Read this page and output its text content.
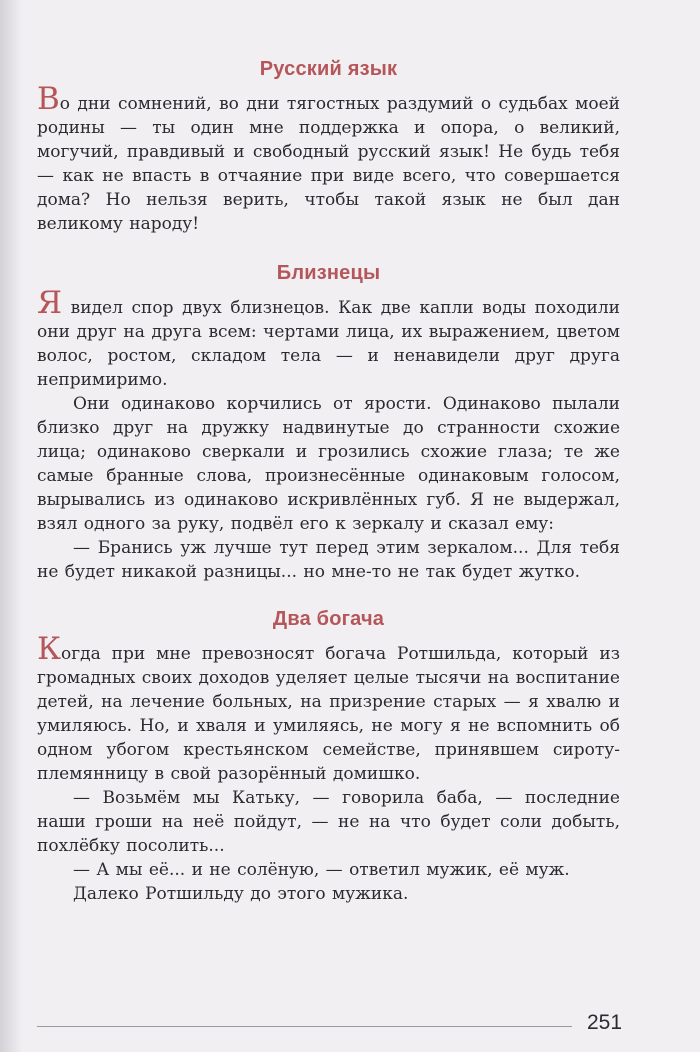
Русский язык

Во дни сомнений, во дни тягостных раздумий о судьбах моей родины — ты один мне поддержка и опора, о великий, могучий, правдивый и свободный русский язык! Не будь тебя — как не впасть в отчаяние при виде всего, что совершается дома? Но нельзя верить, чтобы такой язык не был дан великому народу!

Близнецы

Я видел спор двух близнецов. Как две капли воды походили они друг на друга всем: чертами лица, их выражением, цветом волос, ростом, складом тела — и ненавидели друг друга непримиримо.

Они одинаково корчились от ярости. Одинаково пылали близко друг на дружку надвинутые до странности схожие лица; одинаково сверкали и грозились схожие глаза; те же самые бранные слова, произнесённые одинаковым голосом, вырывались из одинаково искривлённых губ. Я не выдержал, взял одного за руку, подвёл его к зеркалу и сказал ему:

— Бранись уж лучше тут перед этим зеркалом... Для тебя не будет никакой разницы... но мне-то не так будет жутко.

Два богача

Когда при мне превозносят богача Ротшильда, который из громадных своих доходов уделяет целые тысячи на воспитание детей, на лечение больных, на призрение старых — я хвалю и умиляюсь. Но, и хваля и умиляясь, не могу я не вспомнить об одном убогом крестьянском семействе, принявшем сироту-племянницу в свой разорённый домишко.

— Возьмём мы Катьку, — говорила баба, — последние наши гроши на неё пойдут, — не на что будет соли добыть, похлёбку посолить...

— А мы её... и не солёную, — ответил мужик, её муж.

Далеко Ротшильду до этого мужика.

251
